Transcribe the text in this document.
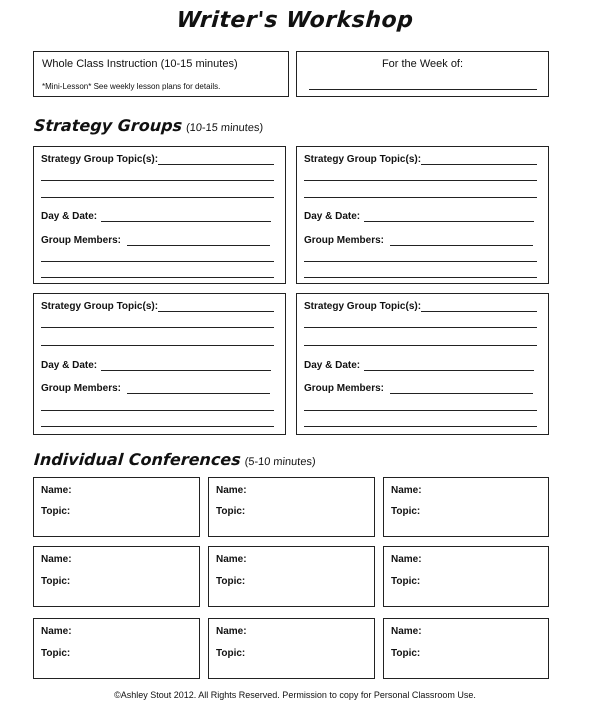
Writer's Workshop
Whole Class Instruction (10-15 minutes)
*Mini-Lesson* See weekly lesson plans for details.
For the Week of:
Strategy Groups (10-15 minutes)
Strategy Group Topic(s):
Day & Date:
Group Members:
Strategy Group Topic(s):
Day & Date:
Group Members:
Strategy Group Topic(s):
Day & Date:
Group Members:
Strategy Group Topic(s):
Day & Date:
Group Members:
Individual Conferences (5-10 minutes)
Name:
Topic:
Name:
Topic:
Name:
Topic:
Name:
Topic:
Name:
Topic:
Name:
Topic:
Name:
Topic:
Name:
Topic:
Name:
Topic:
©Ashley Stout 2012. All Rights Reserved. Permission to copy for Personal Classroom Use.
